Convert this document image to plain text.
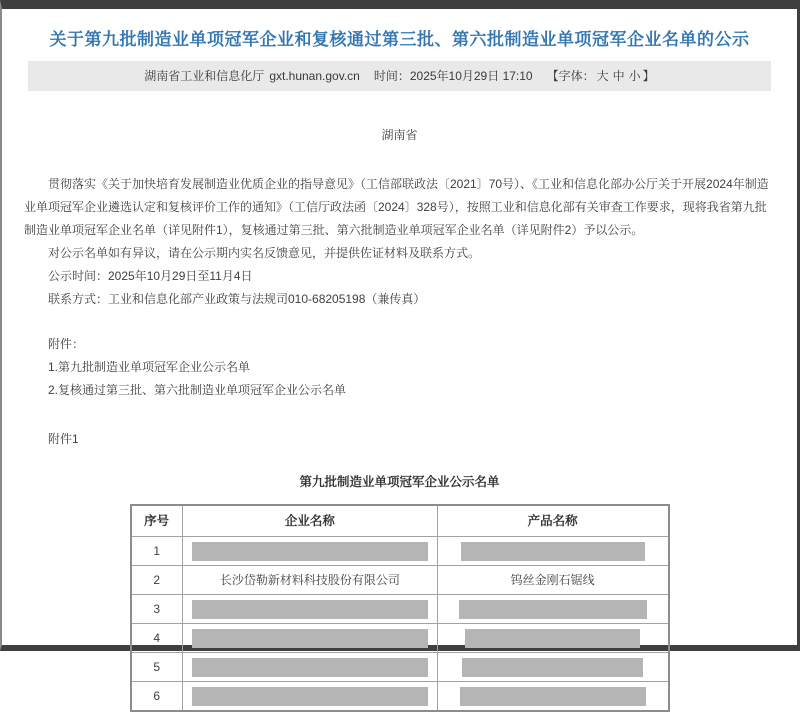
关于第九批制造业单项冠军企业和复核通过第三批、第六批制造业单项冠军企业名单的公示
湖南省工业和信息化厅 gxt.hunan.gov.cn 时间：2025年10月29日 17:10 【字体： 大 中 小 】
湖南省

贯彻落实《关于加快培育发展制造业优质企业的指导意见》（工信部联政法〔2021〕70号）、《工业和信息化部办公厅关于开展2024年制造业单项冠军企业遴选认定和复核评价工作的通知》（工信厅政法函〔2024〕328号），按照工业和信息化部有关审查工作要求，现将我省第九批制造业单项冠军企业名单（详见附件1），复核通过第三批、第六批制造业单项冠军企业名单（详见附件2）予以公示。

对公示名单如有异议，请在公示期内实名反馈意见，并提供佐证材料及联系方式。

公示时间：2025年10月29日至11月4日

联系方式：工业和信息化部产业政策与法规司010-68205198（兼传真）

附件：

1.第九批制造业单项冠军企业公示名单

2.复核通过第三批、第六批制造业单项冠军企业公示名单

附件1
第九批制造业单项冠军企业公示名单
序号	企业名称	产品名称
1	

2	长沙岱勒新材料科技股份有限公司	钨丝金刚石锯线
3	

4	

5	

6	
